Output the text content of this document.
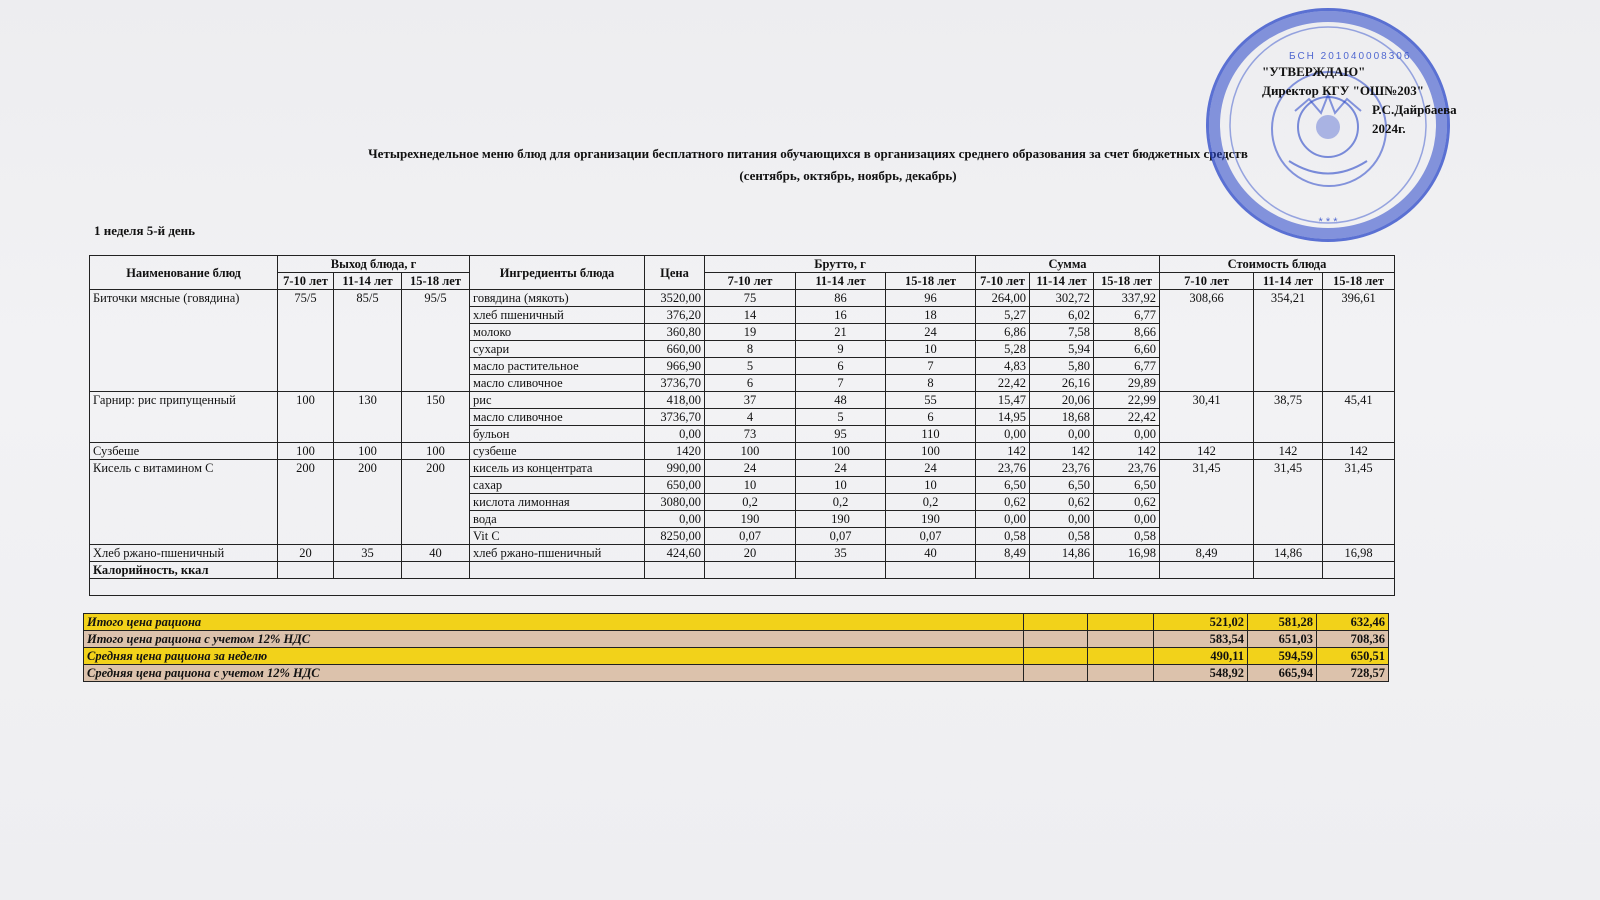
* * *
БСН 201040008306
"УТВЕРЖДАЮ"
Директор КГУ "ОШ№203"
Р.С.Дайрбаева
2024г.
Четырехнедельное меню блюд для организации бесплатного питания обучающихся в организациях среднего образования за счет бюджетных средств
(сентябрь, октябрь, ноябрь, декабрь)
1 неделя 5-й день
Наименование блюд	Выход блюда, г			Ингредиенты блюда	Цена	Брутто, г			Сумма			Стоимость блюда		
	7-10 лет	11-14 лет	15-18 лет			7-10 лет	11-14 лет	15-18 лет	7-10 лет	11-14 лет	15-18 лет	7-10 лет	11-14 лет	15-18 лет
Биточки мясные (говядина)	75/5	85/5	95/5	говядина (мякоть)	3520,00	75	86	96	264,00	302,72	337,92	308,66	354,21	396,61
				хлеб пшеничный	376,20	14	16	18	5,27	6,02	6,77			
				молоко	360,80	19	21	24	6,86	7,58	8,66			
				сухари	660,00	8	9	10	5,28	5,94	6,60			
				масло растительное	966,90	5	6	7	4,83	5,80	6,77			
				масло сливочное	3736,70	6	7	8	22,42	26,16	29,89			
Гарнир: рис припущенный	100	130	150	рис	418,00	37	48	55	15,47	20,06	22,99	30,41	38,75	45,41
				масло сливочное	3736,70	4	5	6	14,95	18,68	22,42			
				бульон	0,00	73	95	110	0,00	0,00	0,00			
Сузбеше	100	100	100	сузбеше	1420	100	100	100	142	142	142	142	142	142
Кисель с витамином С	200	200	200	кисель из концентрата	990,00	24	24	24	23,76	23,76	23,76	31,45	31,45	31,45
				сахар	650,00	10	10	10	6,50	6,50	6,50			
				кислота лимонная	3080,00	0,2	0,2	0,2	0,62	0,62	0,62			
				вода	0,00	190	190	190	0,00	0,00	0,00			
				Vit C	8250,00	0,07	0,07	0,07	0,58	0,58	0,58			
Хлеб ржано-пшеничный	20	35	40	хлеб ржано-пшеничный	424,60	20	35	40	8,49	14,86	16,98	8,49	14,86	16,98
Калорийность, ккал														

Итого цена рациона			521,02	581,28	632,46
Итого цена рациона с учетом 12% НДС			583,54	651,03	708,36
Средняя цена рациона за неделю			490,11	594,59	650,51
Средняя цена рациона с учетом 12% НДС			548,92	665,94	728,57
